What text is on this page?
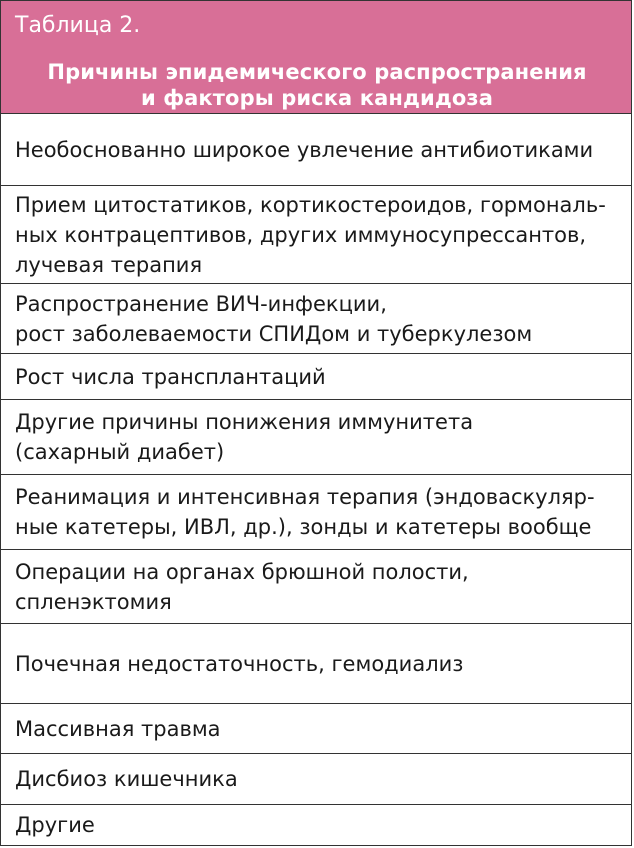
Таблица 2.
Причины эпидемического распространения
и факторы риска кандидоза
Необоснованно широкое увлечение антибиотиками
Прием цитостатиков, кортикостероидов, гормональ-
ных контрацептивов, других иммуносупрессантов,
лучевая терапия
Распространение ВИЧ-инфекции,
рост заболеваемости СПИДом и туберкулезом
Рост числа трансплантаций
Другие причины понижения иммунитета
(сахарный диабет)
Реанимация и интенсивная терапия (эндоваскуляр-
ные катетеры, ИВЛ, др.), зонды и катетеры вообще
Операции на органах брюшной полости,
спленэктомия
Почечная недостаточность, гемодиализ
Массивная травма
Дисбиоз кишечника
Другие
